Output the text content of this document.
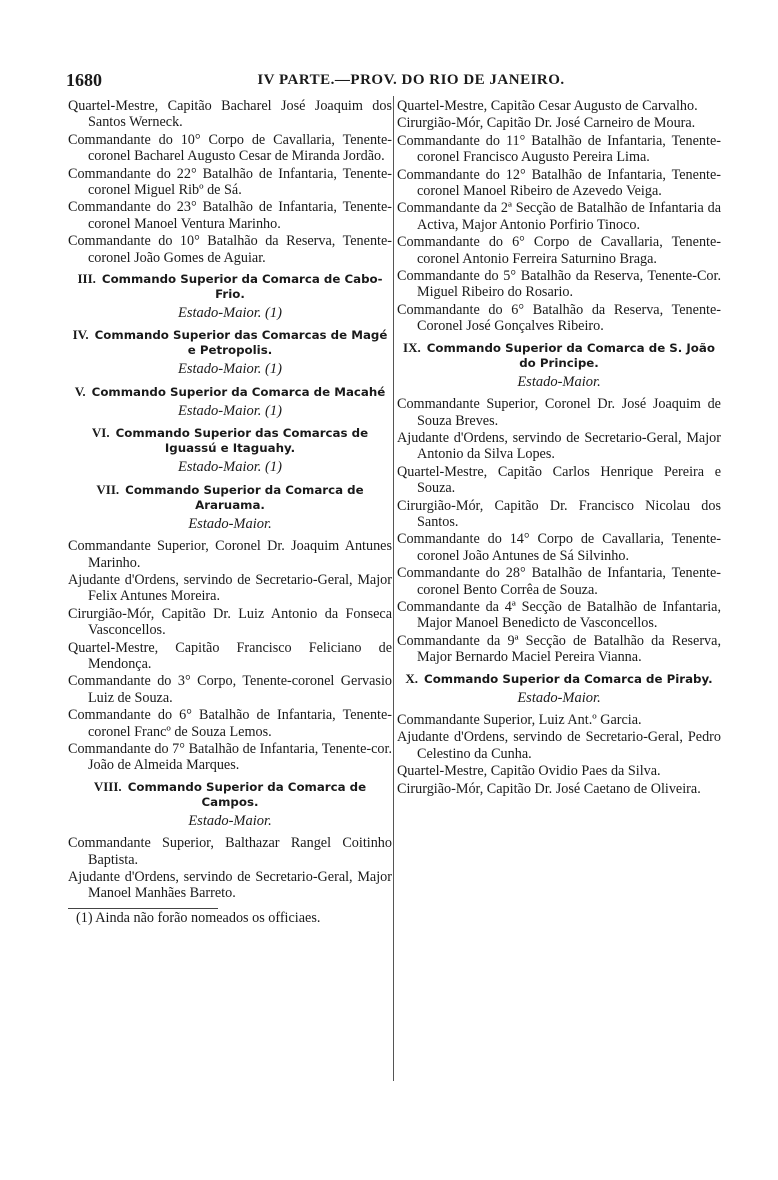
1680	IV PARTE.—PROV. DO RIO DE JANEIRO.
Quartel-Mestre, Capitão Bacharel José Joaquim dos Santos Werneck.
Commandante do 10° Corpo de Cavallaria, Tenente-coronel Bacharel Augusto Cesar de Miranda Jordão.
Commandante do 22° Batalhão de Infantaria, Tenente-coronel Miguel Ribº de Sá.
Commandante do 23° Batalhão de Infantaria, Tenente-coronel Manoel Ventura Marinho.
Commandante do 10° Batalhão da Reserva, Tenente-coronel João Gomes de Aguiar.
III. Commando Superior da Comarca de Cabo-Frio.
Estado-Maior. (1)
IV. Commando Superior das Comarcas de Magé e Petropolis.
Estado-Maior. (1)
V. Commando Superior da Comarca de Macahé
Estado-Maior. (1)
VI. Commando Superior das Comarcas de Iguassú e Itaguahy.
Estado-Maior. (1)
VII. Commando Superior da Comarca de Araruama.
Estado-Maior.
Commandante Superior, Coronel Dr. Joaquim Antunes Marinho.
Ajudante d'Ordens, servindo de Secretario-Geral, Major Felix Antunes Moreira.
Cirurgião-Mór, Capitão Dr. Luiz Antonio da Fonseca Vasconcellos.
Quartel-Mestre, Capitão Francisco Feliciano de Mendonça.
Commandante do 3° Corpo, Tenente-coronel Gervasio Luiz de Souza.
Commandante do 6° Batalhão de Infantaria, Tenente-coronel Francº de Souza Lemos.
Commandante do 7° Batalhão de Infantaria, Tenente-cor. João de Almeida Marques.
VIII. Commando Superior da Comarca de Campos.
Estado-Maior.
Commandante Superior, Balthazar Rangel Coitinho Baptista.
Ajudante d'Ordens, servindo de Secretario-Geral, Major Manoel Manhães Barreto.
(1) Ainda não forão nomeados os officiaes.
Quartel-Mestre, Capitão Cesar Augusto de Carvalho.
Cirurgião-Mór, Capitão Dr. José Carneiro de Moura.
Commandante do 11° Batalhão de Infantaria, Tenente-coronel Francisco Augusto Pereira Lima.
Commandante do 12° Batalhão de Infantaria, Tenente-coronel Manoel Ribeiro de Azevedo Veiga.
Commandante da 2ª Secção de Batalhão de Infantaria da Activa, Major Antonio Porfirio Tinoco.
Commandante do 6° Corpo de Cavallaria, Tenente-coronel Antonio Ferreira Saturnino Braga.
Commandante do 5° Batalhão da Reserva, Tenente-Cor. Miguel Ribeiro do Rosario.
Commandante do 6° Batalhão da Reserva, Tenente-Coronel José Gonçalves Ribeiro.
IX. Commando Superior da Comarca de S. João do Principe.
Estado-Maior.
Commandante Superior, Coronel Dr. José Joaquim de Souza Breves.
Ajudante d'Ordens, servindo de Secretario-Geral, Major Antonio da Silva Lopes.
Quartel-Mestre, Capitão Carlos Henrique Pereira e Souza.
Cirurgião-Mór, Capitão Dr. Francisco Nicolau dos Santos.
Commandante do 14° Corpo de Cavallaria, Tenente-coronel João Antunes de Sá Silvinho.
Commandante do 28° Batalhão de Infantaria, Tenente-coronel Bento Corrêa de Souza.
Commandante da 4ª Secção de Batalhão de Infantaria, Major Manoel Benedicto de Vasconcellos.
Commandante da 9ª Secção de Batalhão da Reserva, Major Bernardo Maciel Pereira Vianna.
X. Commando Superior da Comarca de Piraby.
Estado-Maior.
Commandante Superior, Luiz Ant.º Garcia.
Ajudante d'Ordens, servindo de Secretario-Geral, Pedro Celestino da Cunha.
Quartel-Mestre, Capitão Ovidio Paes da Silva.
Cirurgião-Mór, Capitão Dr. José Caetano de Oliveira.
